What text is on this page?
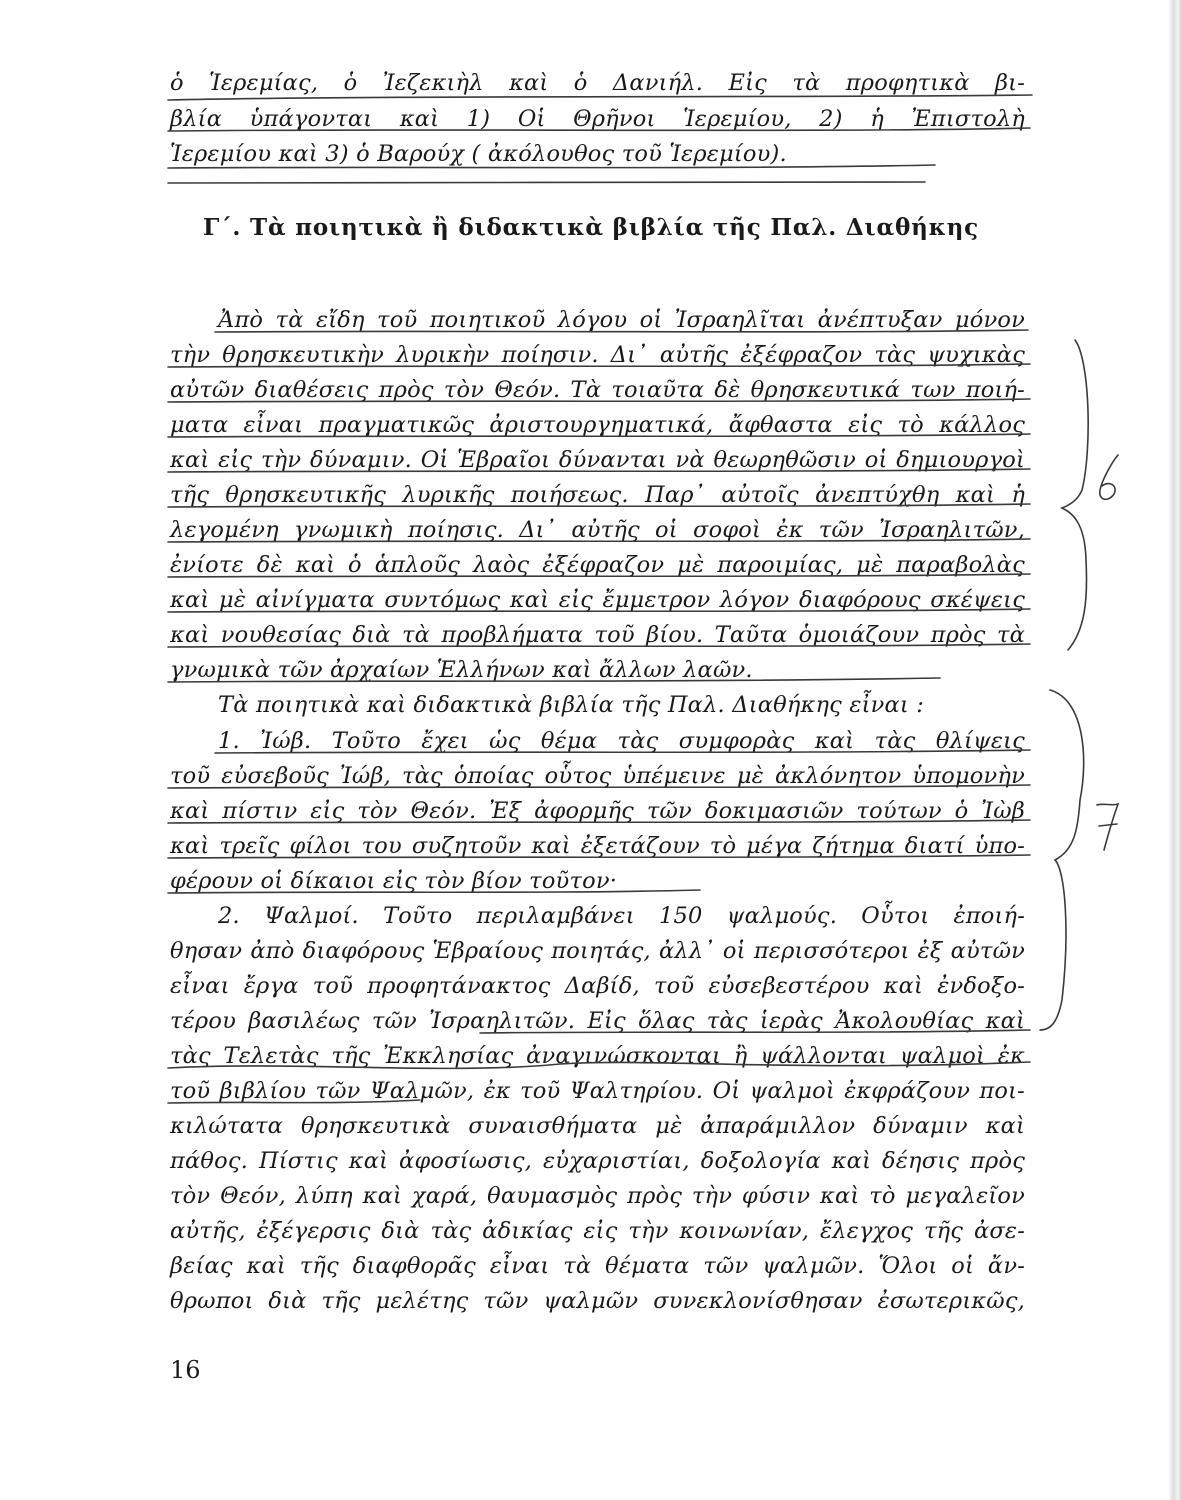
ὁ Ἱερεμίας, ὁ Ἰεζεκιὴλ καὶ ὁ Δανιήλ. Εἰς τὰ προφητικὰ βι-
βλία ὑπάγονται καὶ 1) Οἱ Θρῆνοι Ἱερεμίου, 2) ἡ Ἐπιστολὴ
Ἱερεμίου καὶ 3) ὁ Βαρούχ ( ἀκόλουθος τοῦ Ἱερεμίου).
Γ΄. Τὰ ποιητικὰ ἢ διδακτικὰ βιβλία τῆς Παλ. Διαθήκης
Ἀπὸ τὰ εἴδη τοῦ ποιητικοῦ λόγου οἱ Ἰσραηλῖται ἀνέπτυξαν μόνον
τὴν θρησκευτικὴν λυρικὴν ποίησιν. Δι᾽ αὐτῆς ἐξέφραζον τὰς ψυχικὰς
αὐτῶν διαθέσεις πρὸς τὸν Θεόν. Τὰ τοιαῦτα δὲ θρησκευτικά των ποιή-
ματα εἶναι πραγματικῶς ἀριστουργηματικά, ἄφθαστα εἰς τὸ κάλλος
καὶ εἰς τὴν δύναμιν. Οἱ Ἑβραῖοι δύνανται νὰ θεωρηθῶσιν οἱ δημιουργοὶ
τῆς θρησκευτικῆς λυρικῆς ποιήσεως. Παρ᾽ αὐτοῖς ἀνεπτύχθη καὶ ἡ
λεγομένη γνωμικὴ ποίησις. Δι᾽ αὐτῆς οἱ σοφοὶ ἐκ τῶν Ἰσραηλιτῶν,
ἐνίοτε δὲ καὶ ὁ ἁπλοῦς λαὸς ἐξέφραζον μὲ παροιμίας, μὲ παραβολὰς
καὶ μὲ αἰνίγματα συντόμως καὶ εἰς ἔμμετρον λόγον διαφόρους σκέψεις
καὶ νουθεσίας διὰ τὰ προβλήματα τοῦ βίου. Ταῦτα ὁμοιάζουν πρὸς τὰ
γνωμικὰ τῶν ἀρχαίων Ἑλλήνων καὶ ἄλλων λαῶν.
Τὰ ποιητικὰ καὶ διδακτικὰ βιβλία τῆς Παλ. Διαθήκης εἶναι :
1. Ἰώβ. Τοῦτο ἔχει ὡς θέμα τὰς συμφορὰς καὶ τὰς θλίψεις
τοῦ εὐσεβοῦς Ἰώβ, τὰς ὁποίας οὗτος ὑπέμεινε μὲ ἀκλόνητον ὑπομονὴν
καὶ πίστιν εἰς τὸν Θεόν. Ἐξ ἀφορμῆς τῶν δοκιμασιῶν τούτων ὁ Ἰὼβ
καὶ τρεῖς φίλοι του συζητοῦν καὶ ἐξετάζουν τὸ μέγα ζήτημα διατί ὑπο-
φέρουν οἱ δίκαιοι εἰς τὸν βίον τοῦτον·
2. Ψαλμοί. Τοῦτο περιλαμβάνει 150 ψαλμούς. Οὗτοι ἐποιή-
θησαν ἀπὸ διαφόρους Ἑβραίους ποιητάς, ἀλλ᾽ οἱ περισσότεροι ἐξ αὐτῶν
εἶναι ἔργα τοῦ προφητάνακτος Δαβίδ, τοῦ εὐσεβεστέρου καὶ ἐνδοξο-
τέρου βασιλέως τῶν Ἰσραηλιτῶν. Εἰς ὅλας τὰς ἱερὰς Ἀκολουθίας καὶ
τὰς Τελετὰς τῆς Ἐκκλησίας ἀναγινώσκονται ἢ ψάλλονται ψαλμοὶ ἐκ
τοῦ βιβλίου τῶν Ψαλμῶν, ἐκ τοῦ Ψαλτηρίου. Οἱ ψαλμοὶ ἐκφράζουν ποι-
κιλώτατα θρησκευτικὰ συναισθήματα μὲ ἀπαράμιλλον δύναμιν καὶ
πάθος. Πίστις καὶ ἀφοσίωσις, εὐχαριστίαι, δοξολογία καὶ δέησις πρὸς
τὸν Θεόν, λύπη καὶ χαρά, θαυμασμὸς πρὸς τὴν φύσιν καὶ τὸ μεγαλεῖον
αὐτῆς, ἐξέγερσις διὰ τὰς ἀδικίας εἰς τὴν κοινωνίαν, ἔλεγχος τῆς ἀσε-
βείας καὶ τῆς διαφθορᾶς εἶναι τὰ θέματα τῶν ψαλμῶν. Ὅλοι οἱ ἄν-
θρωποι διὰ τῆς μελέτης τῶν ψαλμῶν συνεκλονίσθησαν ἐσωτερικῶς,
16
